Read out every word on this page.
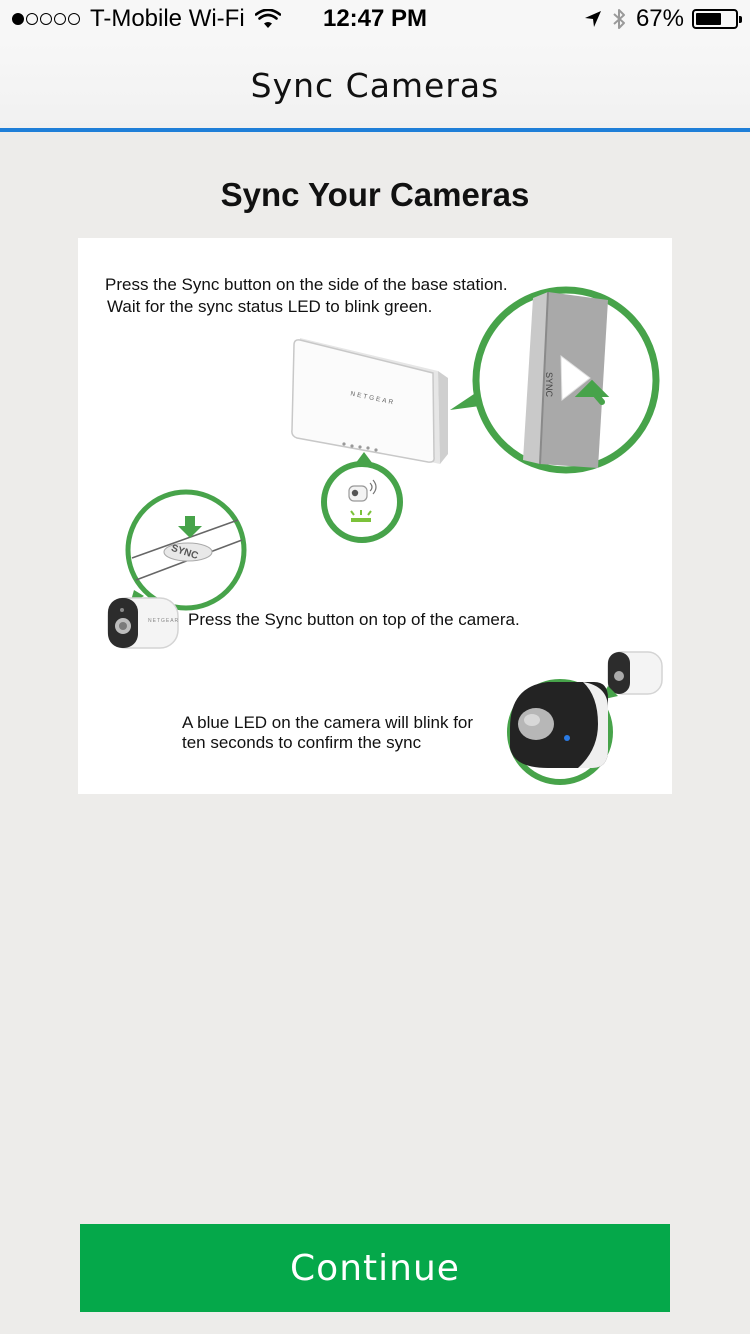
T-Mobile Wi-Fi	12:47 PM	67%
Sync Cameras
Sync Your Cameras
NETGEAR
SYNC
SYNC
NETGEAR
Press the Sync button on the side of the base station.
Wait for the sync status LED to blink green.
Press the Sync button on top of the camera.
A blue LED on the camera will blink for
ten seconds to confirm the sync
Continue
